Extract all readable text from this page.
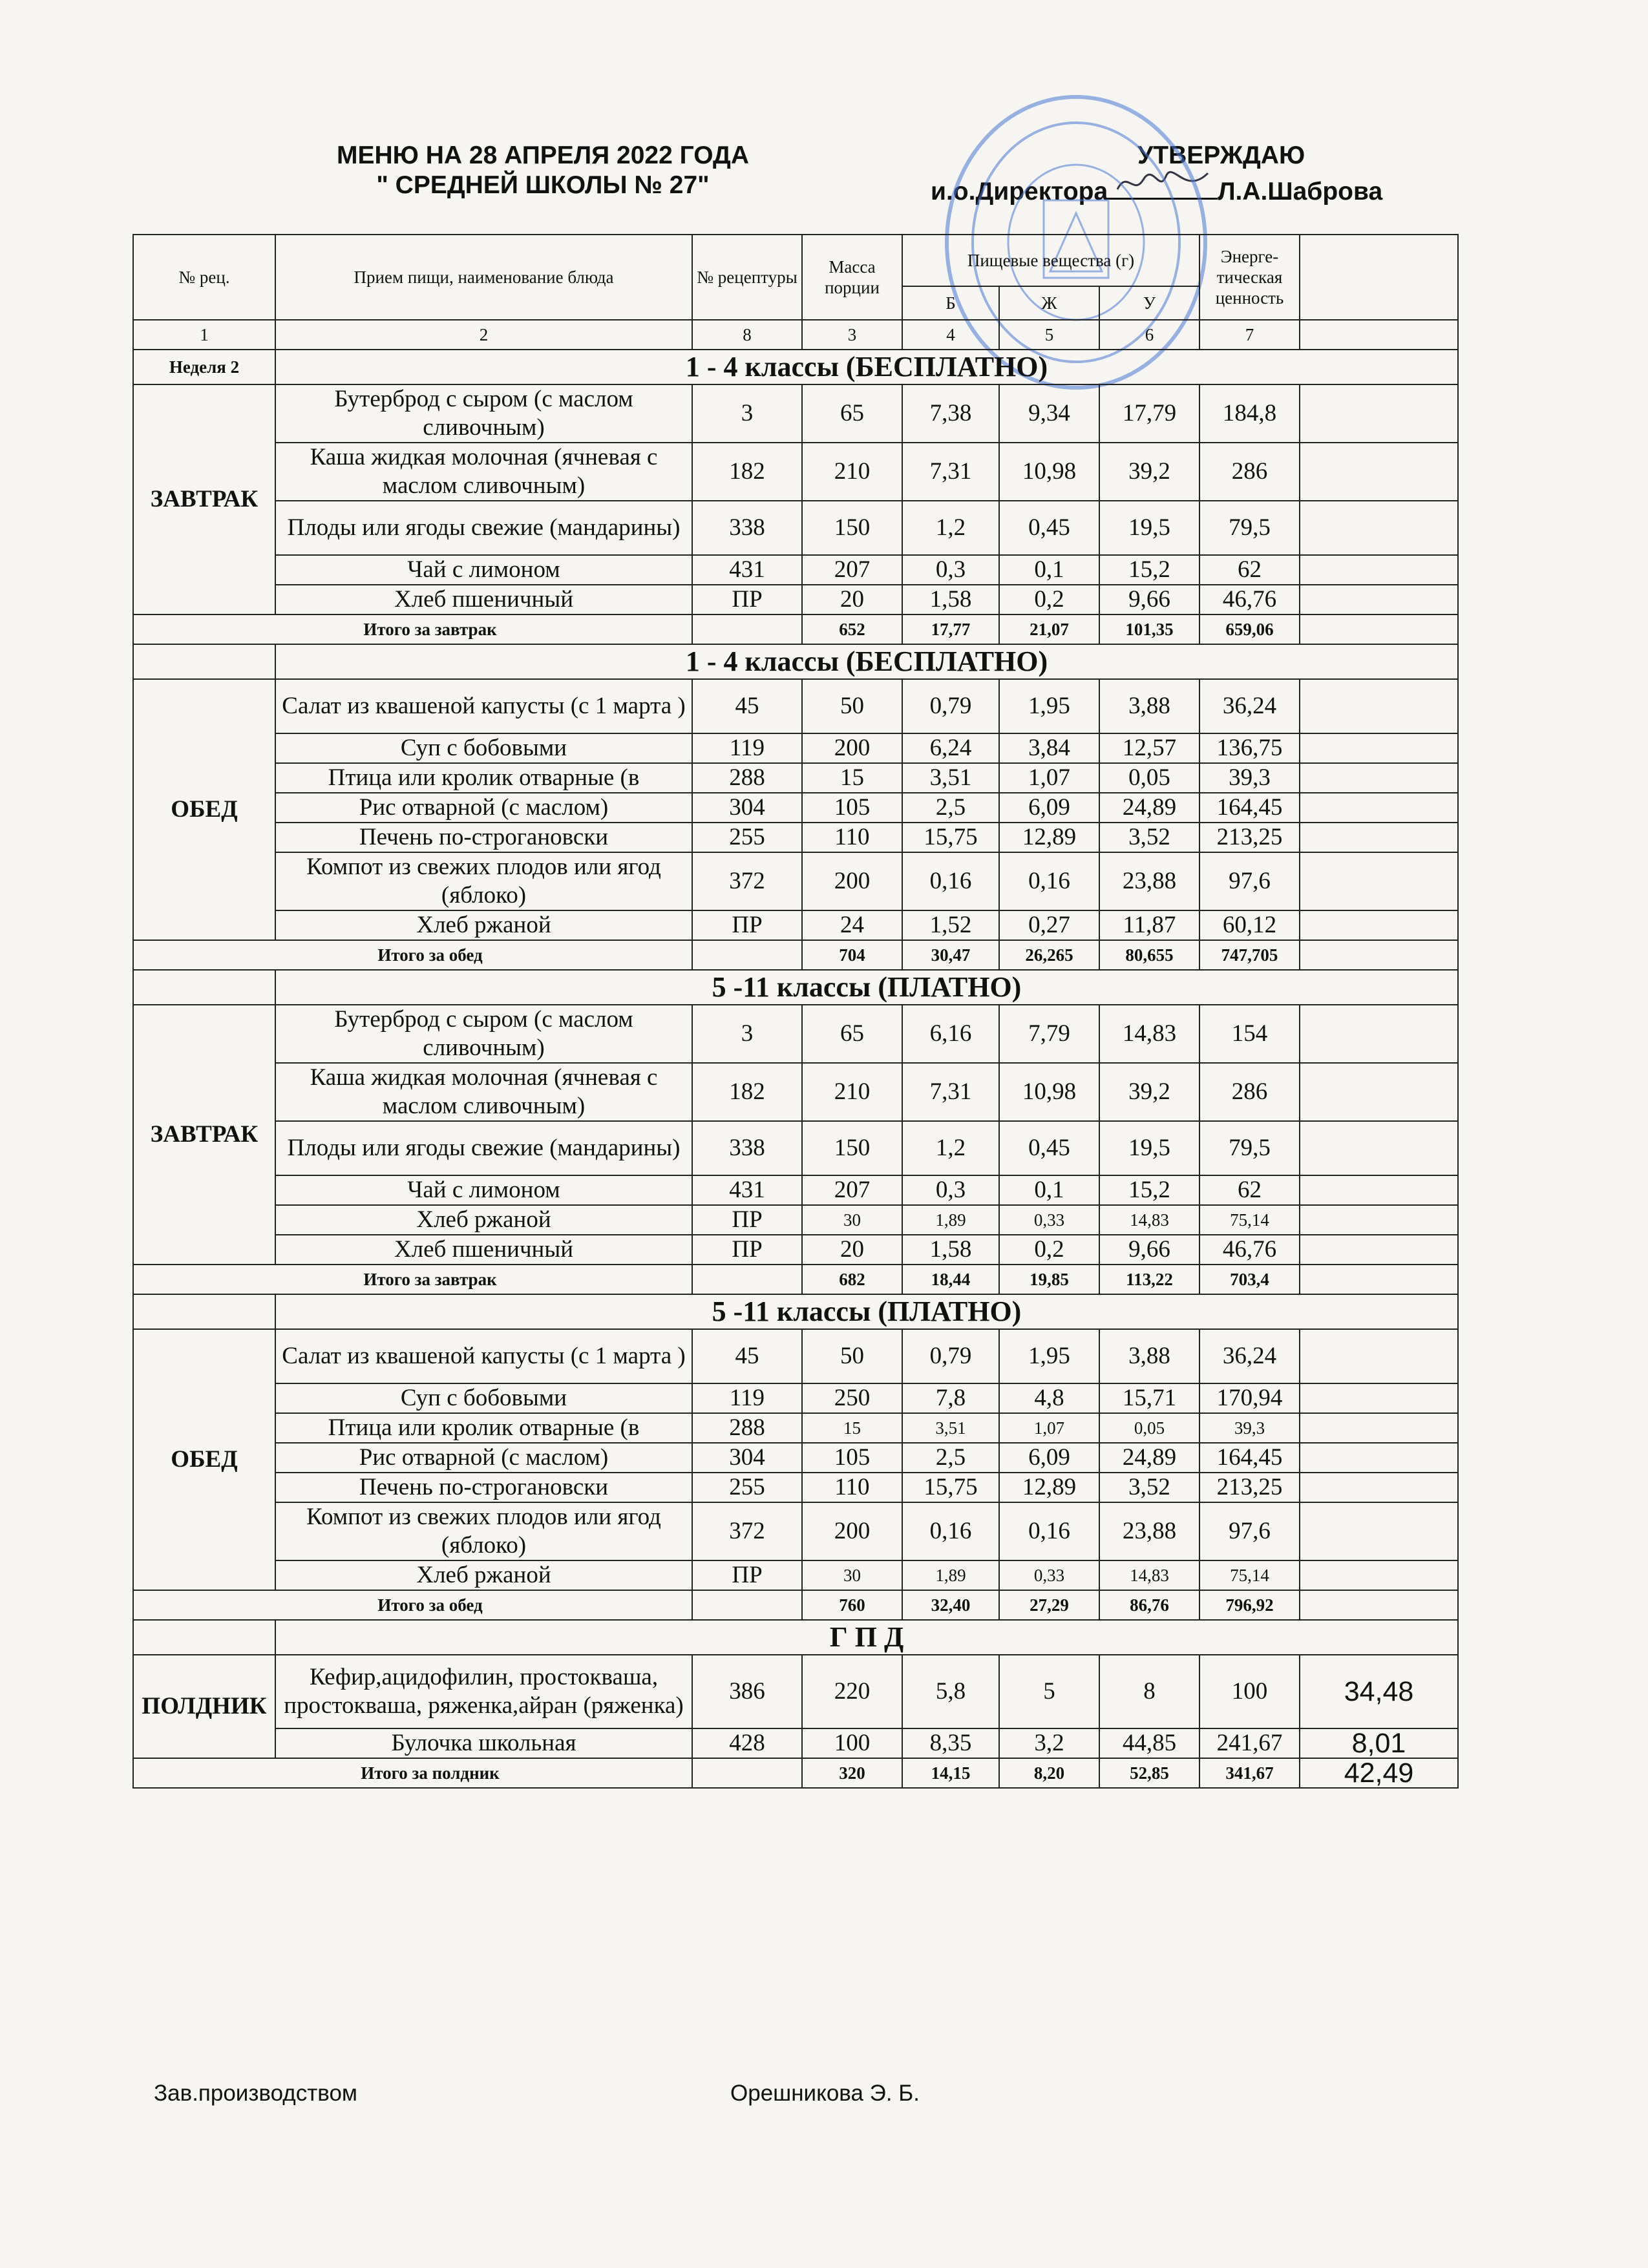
МЕНЮ НА 28 АПРЕЛЯ 2022 ГОДА
" СРЕДНЕЙ ШКОЛЫ № 27"
УТВЕРЖДАЮ
и.о.Директора	Л.А.Шаброва
№ рец.	Прием пищи, наименование блюда	№ рецептуры	Масса порции	Пищевые вещества (г)			Энерге-тическая ценность	
				Б	Ж	У		
1	2	8	3	4	5	6	7	
Неделя 2	1 - 4 классы (БЕСПЛАТНО)							
ЗАВТРАК	Бутерброд с сыром (с маслом сливочным)	3	65	7,38	9,34	17,79	184,8	
	Каша жидкая молочная (ячневая с маслом сливочным)	182	210	7,31	10,98	39,2	286	
	Плоды или ягоды свежие (мандарины)	338	150	1,2	0,45	19,5	79,5	
	Чай с лимоном	431	207	0,3	0,1	15,2	62	
	Хлеб пшеничный	ПР	20	1,58	0,2	9,66	46,76	
Итого за завтрак			652	17,77	21,07	101,35	659,06	
	1 - 4 классы (БЕСПЛАТНО)							
ОБЕД	Салат из квашеной капусты (с 1 марта )	45	50	0,79	1,95	3,88	36,24	
	Суп с бобовыми	119	200	6,24	3,84	12,57	136,75	
	Птица или кролик отварные (в	288	15	3,51	1,07	0,05	39,3	
	Рис отварной (с маслом)	304	105	2,5	6,09	24,89	164,45	
	Печень по-строгановски	255	110	15,75	12,89	3,52	213,25	
	Компот из свежих плодов или ягод (яблоко)	372	200	0,16	0,16	23,88	97,6	
	Хлеб ржаной	ПР	24	1,52	0,27	11,87	60,12	
Итого за обед			704	30,47	26,265	80,655	747,705	
	5 -11 классы (ПЛАТНО)							
ЗАВТРАК	Бутерброд с сыром (с маслом сливочным)	3	65	6,16	7,79	14,83	154	
	Каша жидкая молочная (ячневая с маслом сливочным)	182	210	7,31	10,98	39,2	286	
	Плоды или ягоды свежие (мандарины)	338	150	1,2	0,45	19,5	79,5	
	Чай с лимоном	431	207	0,3	0,1	15,2	62	
	Хлеб ржаной	ПР	30	1,89	0,33	14,83	75,14	
	Хлеб пшеничный	ПР	20	1,58	0,2	9,66	46,76	
Итого за завтрак			682	18,44	19,85	113,22	703,4	
	5 -11 классы (ПЛАТНО)							
ОБЕД	Салат из квашеной капусты (с 1 марта )	45	50	0,79	1,95	3,88	36,24	
	Суп с бобовыми	119	250	7,8	4,8	15,71	170,94	
	Птица или кролик отварные (в	288	15	3,51	1,07	0,05	39,3	
	Рис отварной (с маслом)	304	105	2,5	6,09	24,89	164,45	
	Печень по-строгановски	255	110	15,75	12,89	3,52	213,25	
	Компот из свежих плодов или ягод (яблоко)	372	200	0,16	0,16	23,88	97,6	
	Хлеб ржаной	ПР	30	1,89	0,33	14,83	75,14	
Итого за обед			760	32,40	27,29	86,76	796,92	
	Г П Д							
ПОЛДНИК	Кефир,ацидофилин, простокваша, простокваша, ряженка,айран (ряженка)	386	220	5,8	5	8	100	34,48
	Булочка школьная	428	100	8,35	3,2	44,85	241,67	8,01
Итого за полдник			320	14,15	8,20	52,85	341,67	42,49
Зав.производством	Орешникова Э. Б.
